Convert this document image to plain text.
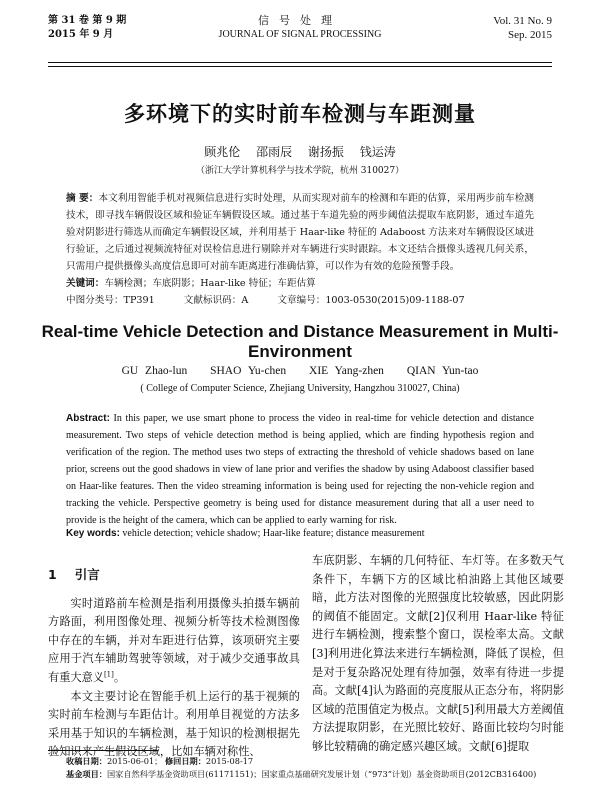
第 31 卷 第 9 期
2015 年 9 月
信号处理
JOURNAL OF SIGNAL PROCESSING
Vol. 31 No. 9
Sep. 2015
多环境下的实时前车检测与车距测量
顾兆伦 邵雨辰 谢扬振 钱运涛
（浙江大学计算机科学与技术学院，杭州 310027）
摘 要：本文利用智能手机对视频信息进行实时处理，从而实现对前车的检测和车距的估算，采用两步前车检测技术，即寻找车辆假设区域和验证车辆假设区域。通过基于车道先验的两步阈值法提取车底阴影，通过车道先验对阴影进行筛选从而确定车辆假设区域，并利用基于 Haar-like 特征的 Adaboost 方法来对车辆假设区域进行验证，之后通过视频流特征对误检信息进行剔除并对车辆进行实时跟踪。本文还结合摄像头透视几何关系，只需用户提供摄像头高度信息即可对前车距离进行准确估算，可以作为有效的危险预警手段。
关键词：车辆检测；车底阴影；Haar-like 特征；车距估算
中图分类号：TP391	文献标识码：A	文章编号：1003-0530(2015)09-1188-07
Real-time Vehicle Detection and Distance Measurement in Multi-Environment
GU Zhao-lun SHAO Yu-chen XIE Yang-zhen QIAN Yun-tao
( College of Computer Science, Zhejiang University, Hangzhou 310027, China)
Abstract: In this paper, we use smart phone to process the video in real-time for vehicle detection and distance measurement. Two steps of vehicle detection method is being applied, which are finding hypothesis region and verification of the region. The method uses two steps of extracting the threshold of vehicle shadows based on lane prior, screens out the good shadows in view of lane prior and verifies the shadow by using Adaboost classifier based on Haar-like features. Then the video streaming information is being used for rejecting the non-vehicle region and tracking the vehicle. Perspective geometry is being used for distance measurement during that all a user need to provide is the height of the camera, which can be applied to early warning for risk.
Key words: vehicle detection; vehicle shadow; Haar-like feature; distance measurement
1 引言

实时道路前车检测是指利用摄像头拍摄车辆前方路面，利用图像处理、视频分析等技术检测图像中存在的车辆，并对车距进行估算，该项研究主要应用于汽车辅助驾驶等领域，对于减少交通事故具有重大意义[1]。

本文主要讨论在智能手机上运行的基于视频的实时前车检测与车距估计。利用单目视觉的方法多采用基于知识的车辆检测，基于知识的检测根据先验知识来产生假设区域，比如车辆对称性、

车底阴影、车辆的几何特征、车灯等。在多数天气条件下，车辆下方的区域比柏油路上其他区域要暗，此方法对图像的光照强度比较敏感，因此阴影的阈值不能固定。文献[2]仅利用 Haar-like 特征进行车辆检测，搜索整个窗口，误检率太高。文献[3]利用进化算法来进行车辆检测，降低了误检，但是对于复杂路况处理有待加强，效率有待进一步提高。文献[4]认为路面的亮度服从正态分布，将阴影区域的范围值定为极点。文献[5]利用最大方差阈值方法提取阴影，在光照比较好、路面比较均匀时能够比较精确的确定感兴趣区域。文献[6]提取

收稿日期：2015-06-01； 修回日期：2015-08-17
基金项目：国家自然科学基金资助项目(61171151)；国家重点基础研究发展计划（“973”计划）基金资助项目(2012CB316400)
